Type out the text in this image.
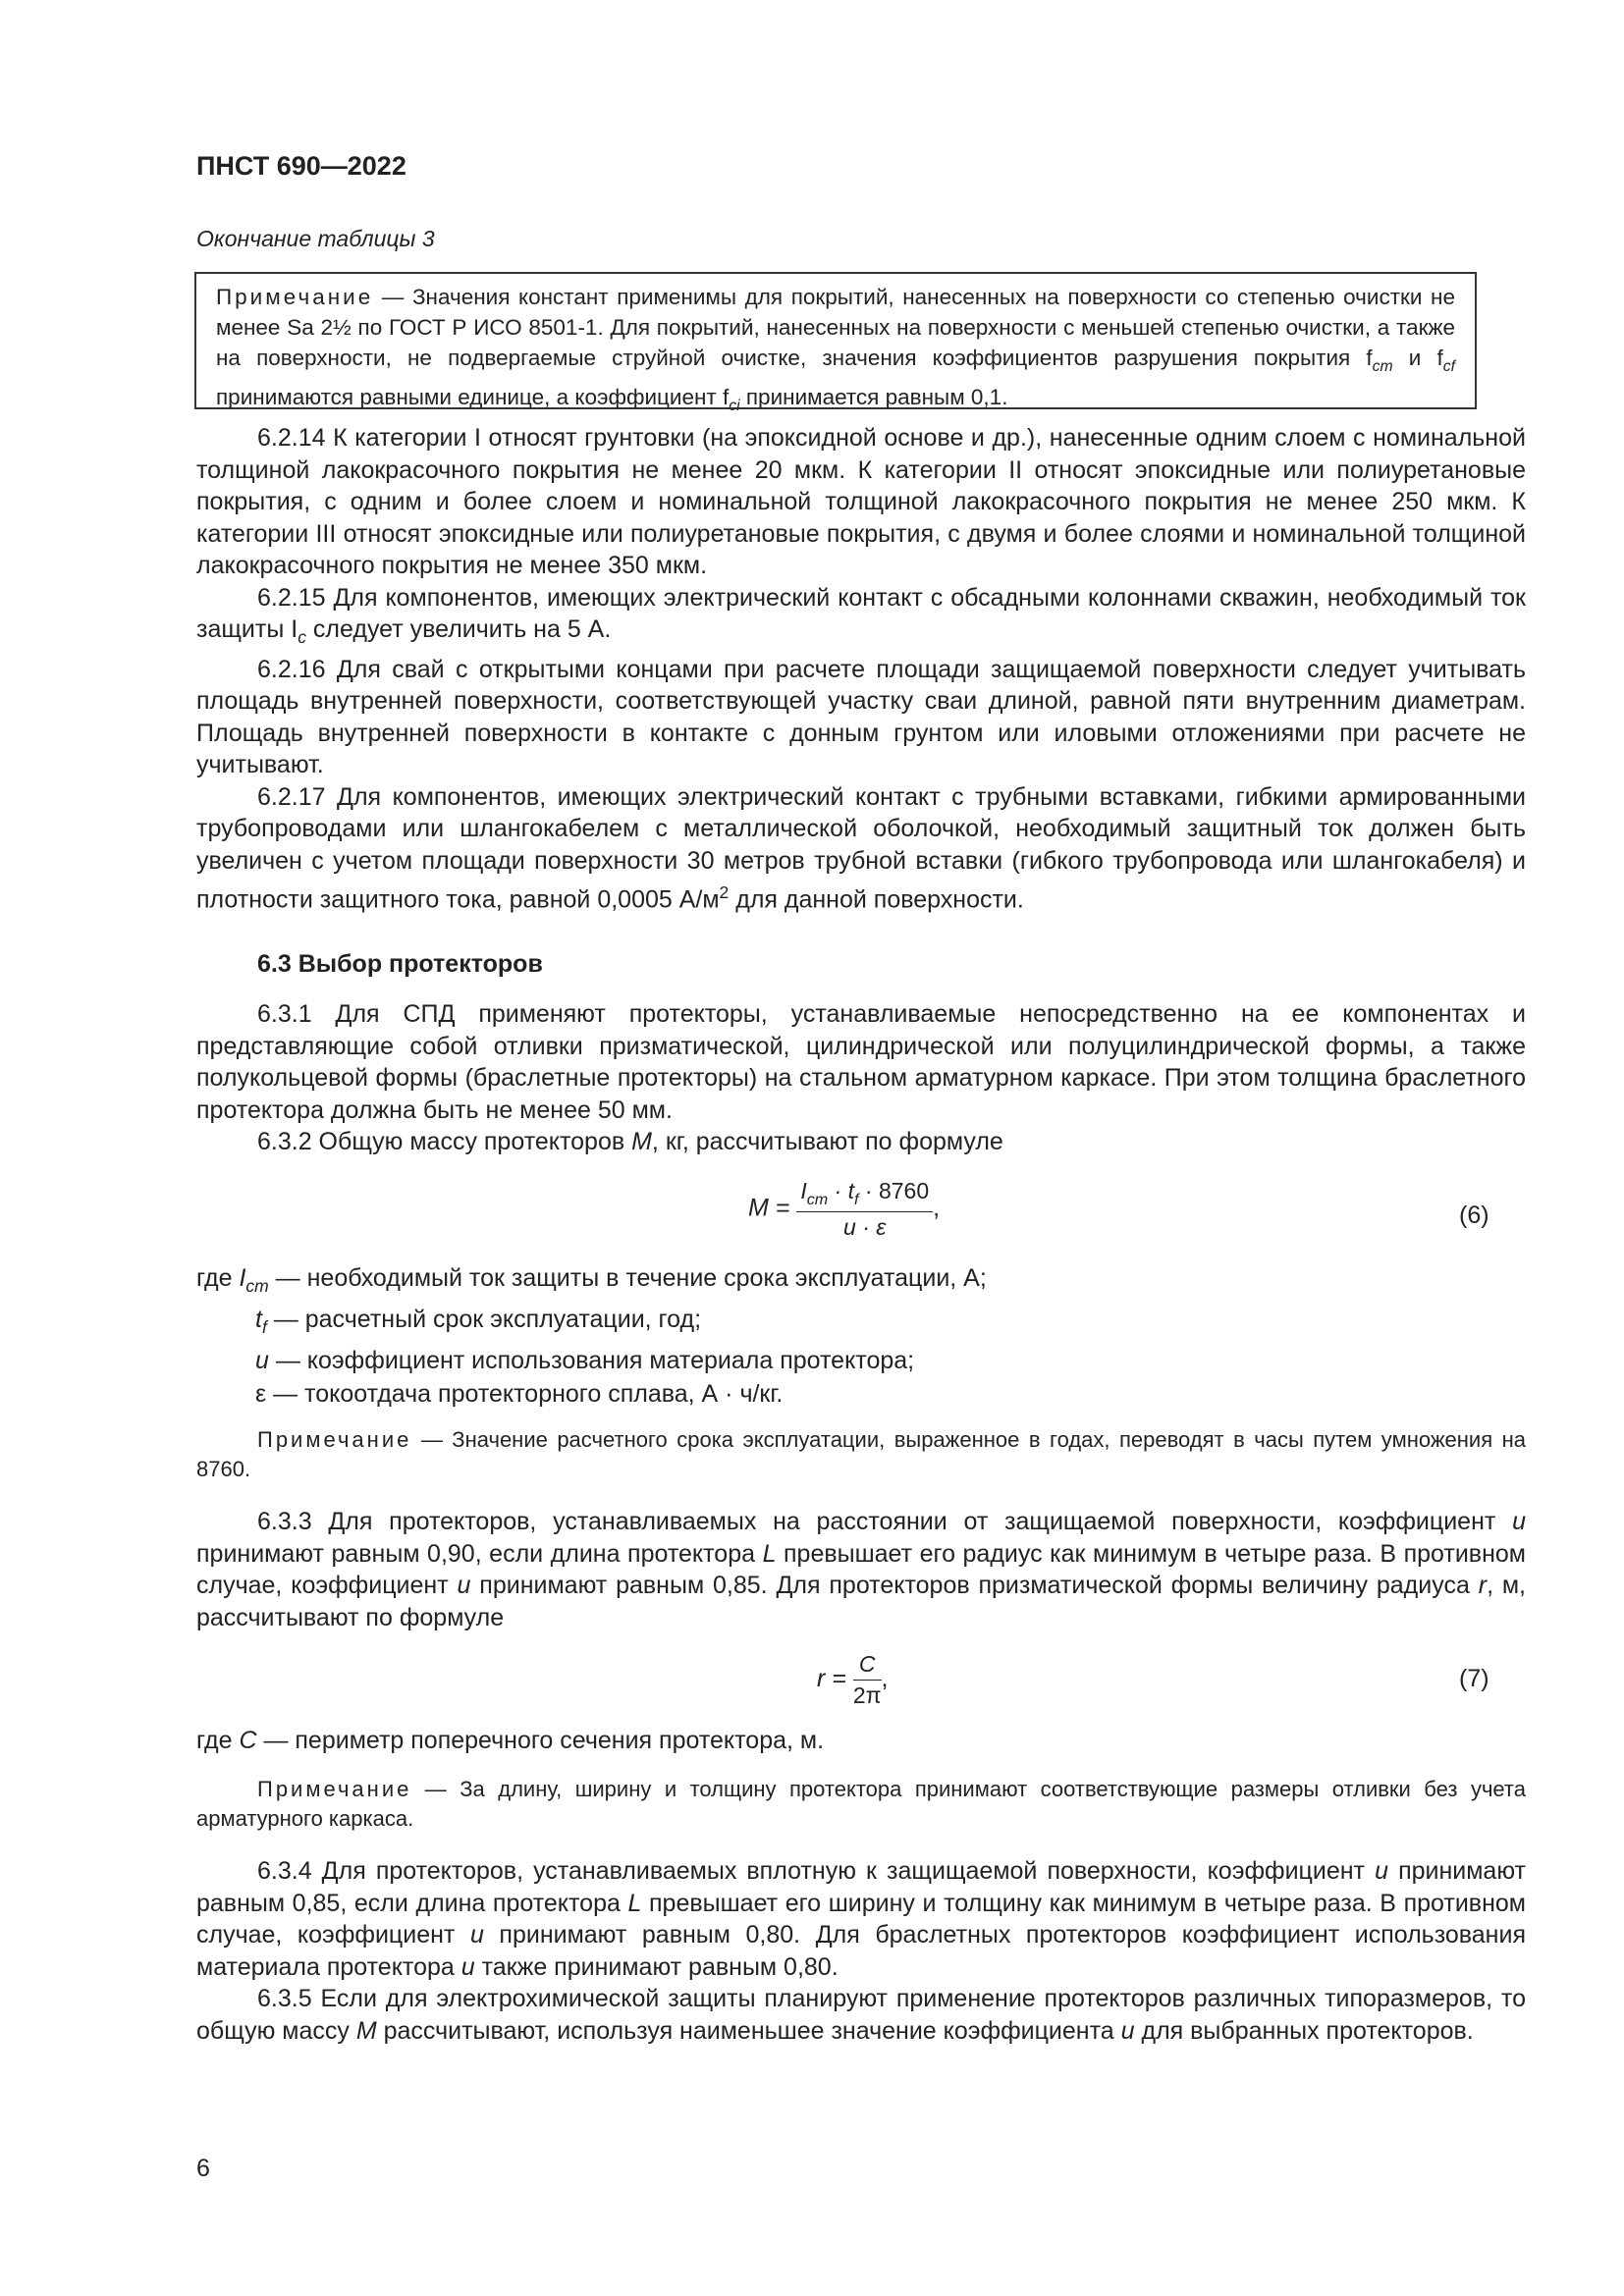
ПНСТ 690—2022
Окончание таблицы 3
Примечание — Значения констант применимы для покрытий, нанесенных на поверхности со степенью очистки не менее Sa 2½ по ГОСТ Р ИСО 8501-1. Для покрытий, нанесенных на поверхности с меньшей степенью очистки, а также на поверхности, не подвергаемые струйной очистке, значения коэффициентов разрушения покрытия $f_{cm}$ и $f_{cf}$ принимаются равными единице, а коэффициент $f_{ci}$ принимается равным 0,1.

6.2.14 К категории I относят грунтовки (на эпоксидной основе и др.), нанесенные одним слоем с номинальной толщиной лакокрасочного покрытия не менее 20 мкм. К категории II относят эпоксидные или полиуретановые покрытия, с одним и более слоем и номинальной толщиной лакокрасочного покрытия не менее 250 мкм. К категории III относят эпоксидные или полиуретановые покрытия, с двумя и более слоями и номинальной толщиной лакокрасочного покрытия не менее 350 мкм.

6.2.15 Для компонентов, имеющих электрический контакт с обсадными колоннами скважин, необходимый ток защиты $I_c$ следует увеличить на 5 А.

6.2.16 Для свай с открытыми концами при расчете площади защищаемой поверхности следует учитывать площадь внутренней поверхности, соответствующей участку сваи длиной, равной пяти внутренним диаметрам. Площадь внутренней поверхности в контакте с донным грунтом или иловыми отложениями при расчете не учитывают.

6.2.17 Для компонентов, имеющих электрический контакт с трубными вставками, гибкими армированными трубопроводами или шлангокабелем с металлической оболочкой, необходимый защитный ток должен быть увеличен с учетом площади поверхности 30 метров трубной вставки (гибкого трубопровода или шлангокабеля) и плотности защитного тока, равной 0,0005 $А/м^2$ для данной поверхности.

6.3 Выбор протекторов

6.3.1 Для СПД применяют протекторы, устанавливаемые непосредственно на ее компонентах и представляющие собой отливки призматической, цилиндрической или полуцилиндрической формы, а также полукольцевой формы (браслетные протекторы) на стальном арматурном каркасе. При этом толщина браслетного протектора должна быть не менее 50 мм.

6.3.2 Общую массу протекторов M, кг, рассчитывают по формуле

$M = \frac{I_{cm} \cdot t_f \cdot 8760}{u \cdot \varepsilon}$ ,	(6)
где $I_{cm}$ — необходимый ток защиты в течение срока эксплуатации, А;
$t_f$ — расчетный срок эксплуатации, год;
u — коэффициент использования материала протектора;
ε — токоотдача протекторного сплава, А · ч/кг.

Примечание — Значение расчетного срока эксплуатации, выраженное в годах, переводят в часы путем умножения на 8760.

6.3.3 Для протекторов, устанавливаемых на расстоянии от защищаемой поверхности, коэффициент u принимают равным 0,90, если длина протектора L превышает его радиус как минимум в четыре раза. В противном случае, коэффициент u принимают равным 0,85. Для протекторов призматической формы величину радиуса r, м, рассчитывают по формуле

$r = \frac{C}{2\pi}$ ,	(7)
где C — периметр поперечного сечения протектора, м.

Примечание — За длину, ширину и толщину протектора принимают соответствующие размеры отливки без учета арматурного каркаса.

6.3.4 Для протекторов, устанавливаемых вплотную к защищаемой поверхности, коэффициент u принимают равным 0,85, если длина протектора L превышает его ширину и толщину как минимум в четыре раза. В противном случае, коэффициент u принимают равным 0,80. Для браслетных протекторов коэффициент использования материала протектора u также принимают равным 0,80.

6.3.5 Если для электрохимической защиты планируют применение протекторов различных типоразмеров, то общую массу M рассчитывают, используя наименьшее значение коэффициента u для выбранных протекторов.

6
